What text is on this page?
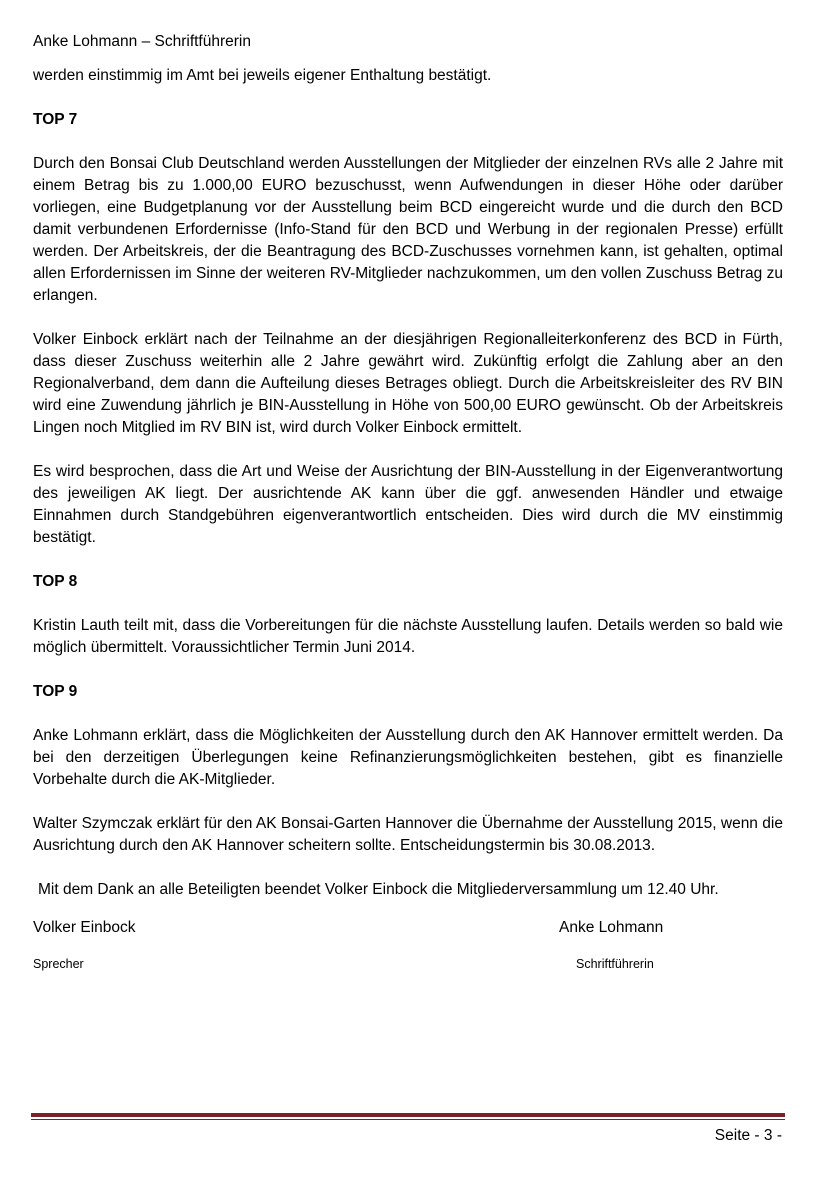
Anke Lohmann – Schriftführerin

werden einstimmig im Amt bei jeweils eigener Enthaltung bestätigt.

TOP 7

Durch den Bonsai Club Deutschland werden Ausstellungen der Mitglieder der einzelnen RVs alle 2 Jahre mit einem Betrag bis zu 1.000,00 EURO bezuschusst, wenn Aufwendungen in dieser Höhe oder darüber vorliegen, eine Budgetplanung vor der Ausstellung beim BCD eingereicht wurde und die durch den BCD damit verbundenen Erfordernisse (Info-Stand für den BCD und Werbung in der regionalen Presse) erfüllt werden. Der Arbeitskreis, der die Beantragung des BCD-Zuschusses vornehmen kann, ist gehalten, optimal allen Erfordernissen im Sinne der weiteren RV-Mitglieder nachzukommen, um den vollen Zuschuss Betrag zu erlangen.

Volker Einbock erklärt nach der Teilnahme an der diesjährigen Regionalleiterkonferenz des BCD in Fürth, dass dieser Zuschuss weiterhin alle 2 Jahre gewährt wird. Zukünftig erfolgt die Zahlung aber an den Regionalverband, dem dann die Aufteilung dieses Betrages obliegt. Durch die Arbeitskreisleiter des RV BIN wird eine Zuwendung jährlich je BIN-Ausstellung in Höhe von 500,00 EURO gewünscht. Ob der Arbeitskreis Lingen noch Mitglied im RV BIN ist, wird durch Volker Einbock ermittelt.

Es wird besprochen, dass die Art und Weise der Ausrichtung der BIN-Ausstellung in der Eigenverantwortung des jeweiligen AK liegt. Der ausrichtende AK kann über die ggf. anwesenden Händler und etwaige Einnahmen durch Standgebühren eigenverantwortlich entscheiden. Dies wird durch die MV einstimmig bestätigt.

TOP 8

Kristin Lauth teilt mit, dass die Vorbereitungen für die nächste Ausstellung laufen. Details werden so bald wie möglich übermittelt. Voraussichtlicher Termin Juni 2014.

TOP 9

Anke Lohmann erklärt, dass die Möglichkeiten der Ausstellung durch den AK Hannover ermittelt werden. Da bei den derzeitigen Überlegungen keine Refinanzierungsmöglichkeiten bestehen, gibt es finanzielle Vorbehalte durch die AK-Mitglieder.

Walter Szymczak erklärt für den AK Bonsai-Garten Hannover die Übernahme der Ausstellung 2015, wenn die Ausrichtung durch den AK Hannover scheitern sollte. Entscheidungstermin bis 30.08.2013.

Mit dem Dank an alle Beteiligten beendet Volker Einbock die Mitgliederversammlung um 12.40 Uhr.

Volker Einbock
Sprecher
Anke Lohmann
Schriftführerin
Seite - 3 -
